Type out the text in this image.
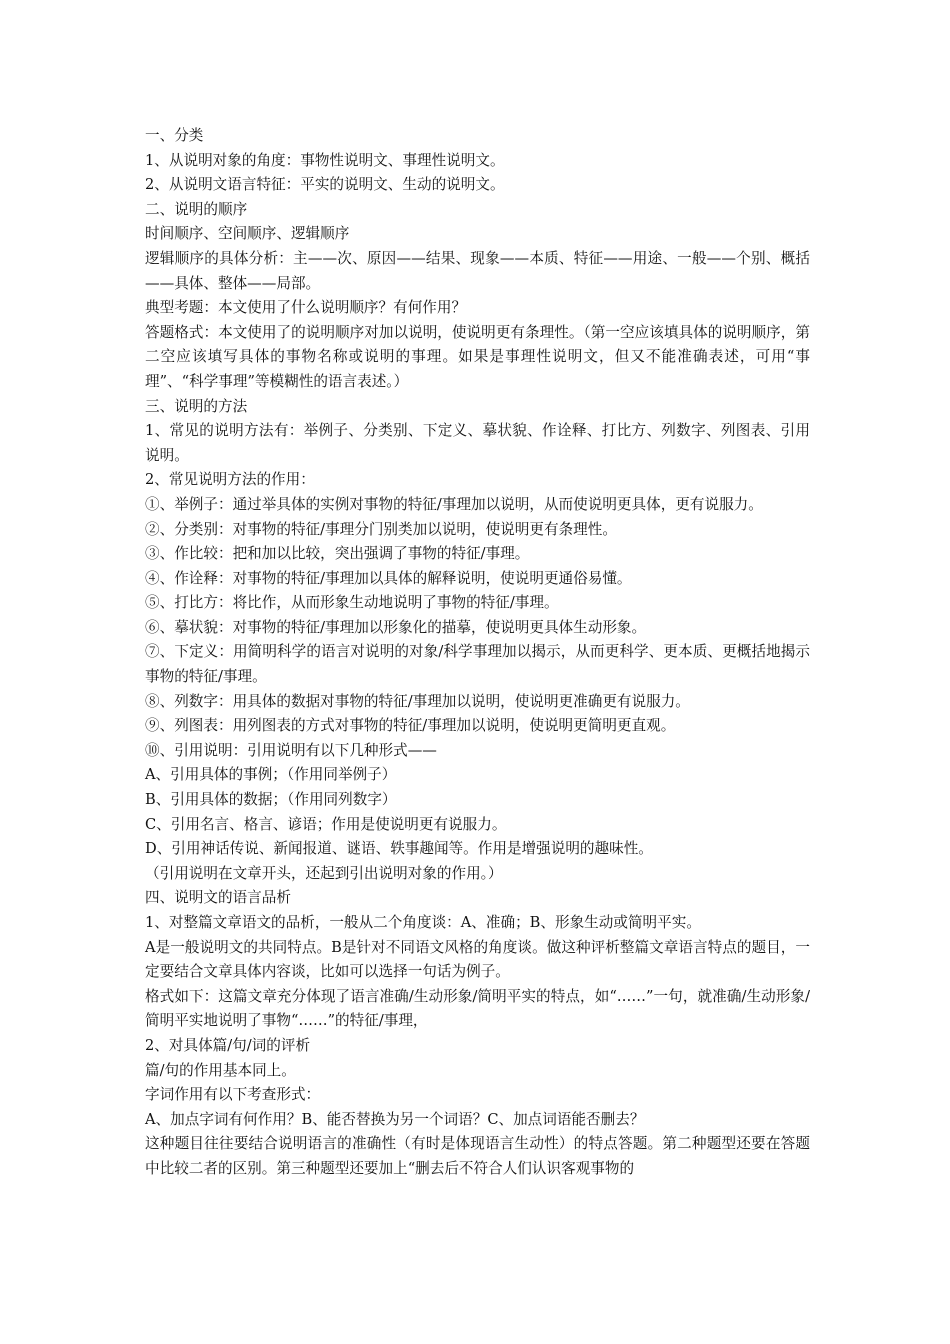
一、分类

1、从说明对象的角度：事物性说明文、事理性说明文。

2、从说明文语言特征：平实的说明文、生动的说明文。

二、说明的顺序

时间顺序、空间顺序、逻辑顺序

逻辑顺序的具体分析：主——次、原因——结果、现象——本质、特征——用途、一般——个别、概括——具体、整体——局部。

典型考题：本文使用了什么说明顺序？有何作用？

答题格式：本文使用了的说明顺序对加以说明，使说明更有条理性。（第一空应该填具体的说明顺序，第二空应该填写具体的事物名称或说明的事理。如果是事理性说明文，但又不能准确表述，可用“事理”、“科学事理”等模糊性的语言表述。）

三、说明的方法

1、常见的说明方法有：举例子、分类别、下定义、摹状貌、作诠释、打比方、列数字、列图表、引用说明。

2、常见说明方法的作用：

①、举例子：通过举具体的实例对事物的特征/事理加以说明，从而使说明更具体，更有说服力。

②、分类别：对事物的特征/事理分门别类加以说明，使说明更有条理性。

③、作比较：把和加以比较，突出强调了事物的特征/事理。

④、作诠释：对事物的特征/事理加以具体的解释说明，使说明更通俗易懂。

⑤、打比方：将比作，从而形象生动地说明了事物的特征/事理。

⑥、摹状貌：对事物的特征/事理加以形象化的描摹，使说明更具体生动形象。

⑦、下定义：用简明科学的语言对说明的对象/科学事理加以揭示，从而更科学、更本质、更概括地揭示事物的特征/事理。

⑧、列数字：用具体的数据对事物的特征/事理加以说明，使说明更准确更有说服力。

⑨、列图表：用列图表的方式对事物的特征/事理加以说明，使说明更简明更直观。

⑩、引用说明：引用说明有以下几种形式——

A、引用具体的事例；（作用同举例子）

B、引用具体的数据；（作用同列数字）

C、引用名言、格言、谚语；作用是使说明更有说服力。

D、引用神话传说、新闻报道、谜语、轶事趣闻等。作用是增强说明的趣味性。

（引用说明在文章开头，还起到引出说明对象的作用。）

四、说明文的语言品析

1、对整篇文章语文的品析，一般从二个角度谈：A、准确；B、形象生动或简明平实。

A是一般说明文的共同特点。B是针对不同语文风格的角度谈。做这种评析整篇文章语言特点的题目，一定要结合文章具体内容谈，比如可以选择一句话为例子。

格式如下：这篇文章充分体现了语言准确/生动形象/简明平实的特点，如“……”一句，就准确/生动形象/简明平实地说明了事物“……”的特征/事理，

2、对具体篇/句/词的评析

篇/句的作用基本同上。

字词作用有以下考查形式：

A、加点字词有何作用？B、能否替换为另一个词语？C、加点词语能否删去？

这种题目往往要结合说明语言的准确性（有时是体现语言生动性）的特点答题。第二种题型还要在答题中比较二者的区别。第三种题型还要加上“删去后不符合人们认识客观事物的
